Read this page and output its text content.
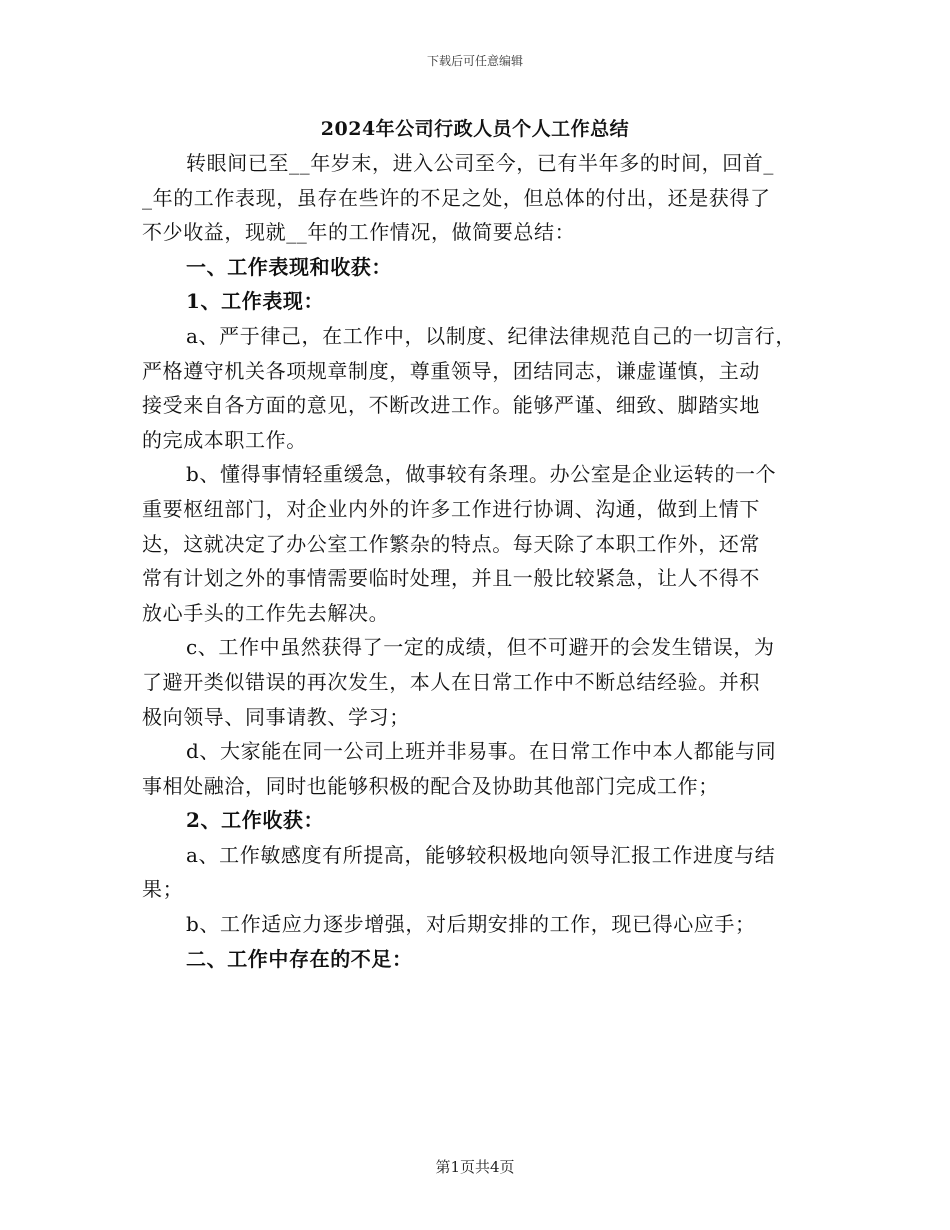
下载后可任意编辑
2024年公司行政人员个人工作总结
转眼间已至__年岁末，进入公司至今，已有半年多的时间，回首_
_年的工作表现，虽存在些许的不足之处，但总体的付出，还是获得了
不少收益，现就__年的工作情况，做简要总结：
一、工作表现和收获：
1、工作表现：
a、严于律己，在工作中，以制度、纪律法律规范自己的一切言行，
严格遵守机关各项规章制度，尊重领导，团结同志，谦虚谨慎，主动
接受来自各方面的意见，不断改进工作。能够严谨、细致、脚踏实地
的完成本职工作。
b、懂得事情轻重缓急，做事较有条理。办公室是企业运转的一个
重要枢纽部门，对企业内外的许多工作进行协调、沟通，做到上情下
达，这就决定了办公室工作繁杂的特点。每天除了本职工作外，还常
常有计划之外的事情需要临时处理，并且一般比较紧急，让人不得不
放心手头的工作先去解决。
c、工作中虽然获得了一定的成绩，但不可避开的会发生错误，为
了避开类似错误的再次发生，本人在日常工作中不断总结经验。并积
极向领导、同事请教、学习；
d、大家能在同一公司上班并非易事。在日常工作中本人都能与同
事相处融洽，同时也能够积极的配合及协助其他部门完成工作；
2、工作收获：
a、工作敏感度有所提高，能够较积极地向领导汇报工作进度与结
果；
b、工作适应力逐步增强，对后期安排的工作，现已得心应手；
二、工作中存在的不足：
第1页共4页
